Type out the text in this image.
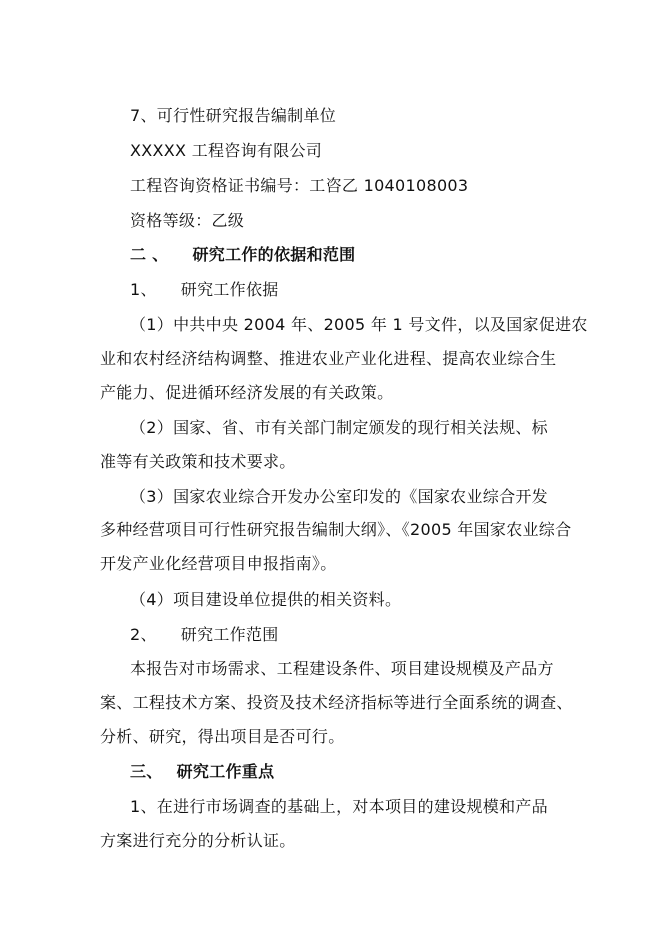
7、可行性研究报告编制单位
XXXXX 工程咨询有限公司
工程咨询资格证书编号：工咨乙 1040108003
资格等级：乙级
二 、 研究工作的依据和范围
1、 研究工作依据
（1）中共中央 2004 年、2005 年 1 号文件，以及国家促进农
业和农村经济结构调整、推进农业产业化进程、提高农业综合生
产能力、促进循环经济发展的有关政策。
（2）国家、省、市有关部门制定颁发的现行相关法规、标
准等有关政策和技术要求。
（3）国家农业综合开发办公室印发的《国家农业综合开发
多种经营项目可行性研究报告编制大纲》、《2005 年国家农业综合
开发产业化经营项目申报指南》。
（4）项目建设单位提供的相关资料。
2、 研究工作范围
本报告对市场需求、工程建设条件、项目建设规模及产品方
案、工程技术方案、投资及技术经济指标等进行全面系统的调查、
分析、研究，得出项目是否可行。
三、 研究工作重点
1、在进行市场调查的基础上，对本项目的建设规模和产品
方案进行充分的分析认证。
